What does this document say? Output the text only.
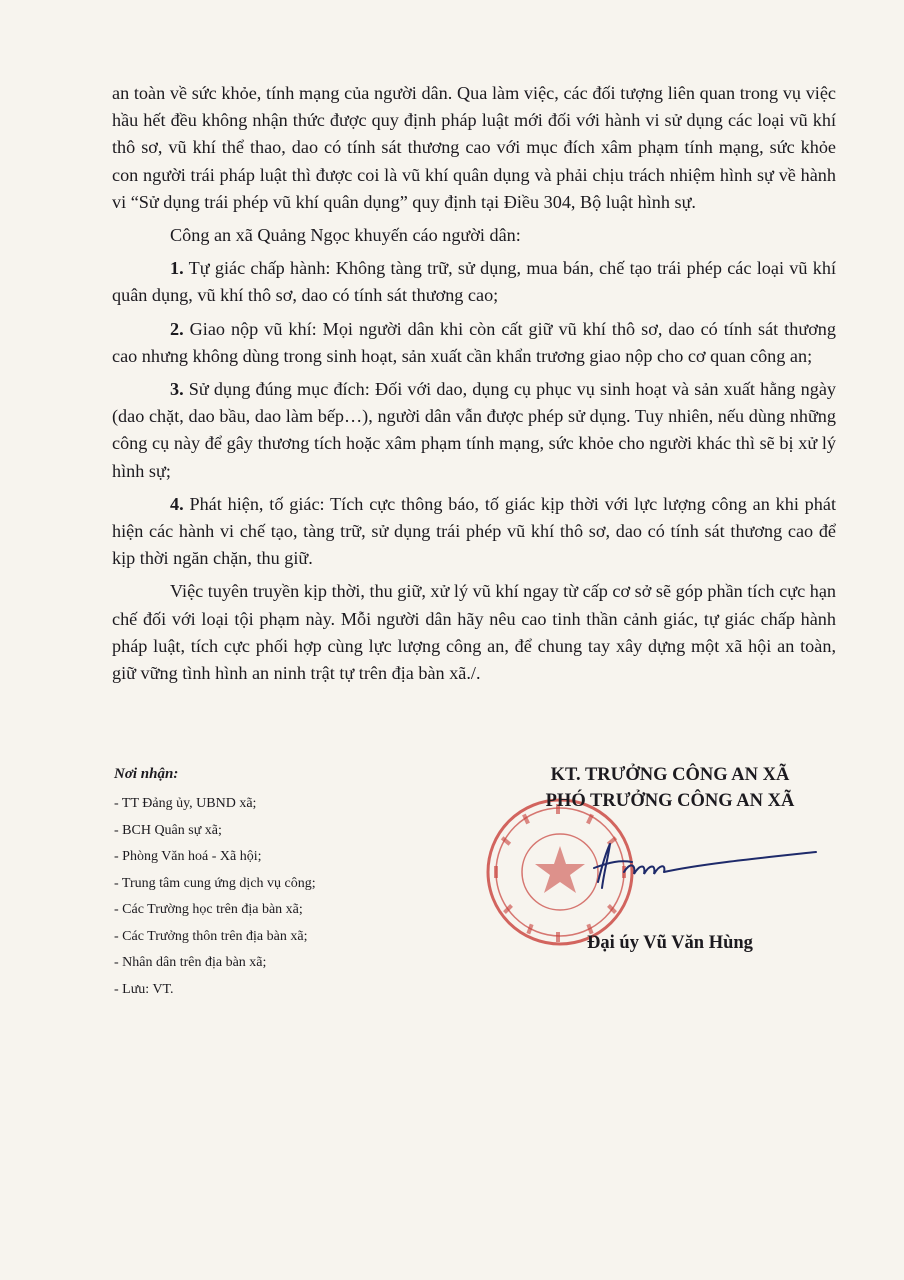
an toàn về sức khỏe, tính mạng của người dân. Qua làm việc, các đối tượng liên quan trong vụ việc hầu hết đều không nhận thức được quy định pháp luật mới đối với hành vi sử dụng các loại vũ khí thô sơ, vũ khí thể thao, dao có tính sát thương cao với mục đích xâm phạm tính mạng, sức khỏe con người trái pháp luật thì được coi là vũ khí quân dụng và phải chịu trách nhiệm hình sự về hành vi “Sử dụng trái phép vũ khí quân dụng” quy định tại Điều 304, Bộ luật hình sự.

Công an xã Quảng Ngọc khuyến cáo người dân:

1. Tự giác chấp hành: Không tàng trữ, sử dụng, mua bán, chế tạo trái phép các loại vũ khí quân dụng, vũ khí thô sơ, dao có tính sát thương cao;

2. Giao nộp vũ khí: Mọi người dân khi còn cất giữ vũ khí thô sơ, dao có tính sát thương cao nhưng không dùng trong sinh hoạt, sản xuất cần khẩn trương giao nộp cho cơ quan công an;

3. Sử dụng đúng mục đích: Đối với dao, dụng cụ phục vụ sinh hoạt và sản xuất hằng ngày (dao chặt, dao bầu, dao làm bếp…), người dân vẫn được phép sử dụng. Tuy nhiên, nếu dùng những công cụ này để gây thương tích hoặc xâm phạm tính mạng, sức khỏe cho người khác thì sẽ bị xử lý hình sự;

4. Phát hiện, tố giác: Tích cực thông báo, tố giác kịp thời với lực lượng công an khi phát hiện các hành vi chế tạo, tàng trữ, sử dụng trái phép vũ khí thô sơ, dao có tính sát thương cao để kịp thời ngăn chặn, thu giữ.

Việc tuyên truyền kịp thời, thu giữ, xử lý vũ khí ngay từ cấp cơ sở sẽ góp phần tích cực hạn chế đối với loại tội phạm này. Mỗi người dân hãy nêu cao tinh thần cảnh giác, tự giác chấp hành pháp luật, tích cực phối hợp cùng lực lượng công an, để chung tay xây dựng một xã hội an toàn, giữ vững tình hình an ninh trật tự trên địa bàn xã./.

Nơi nhận:
- TT Đảng ủy, UBND xã;
- BCH Quân sự xã;
- Phòng Văn hoá - Xã hội;
- Trung tâm cung ứng dịch vụ công;
- Các Trường học trên địa bàn xã;
- Các Trưởng thôn trên địa bàn xã;
- Nhân dân trên địa bàn xã;
- Lưu: VT.
KT. TRƯỞNG CÔNG AN XÃ
PHÓ TRƯỞNG CÔNG AN XÃ
Đại úy Vũ Văn Hùng
